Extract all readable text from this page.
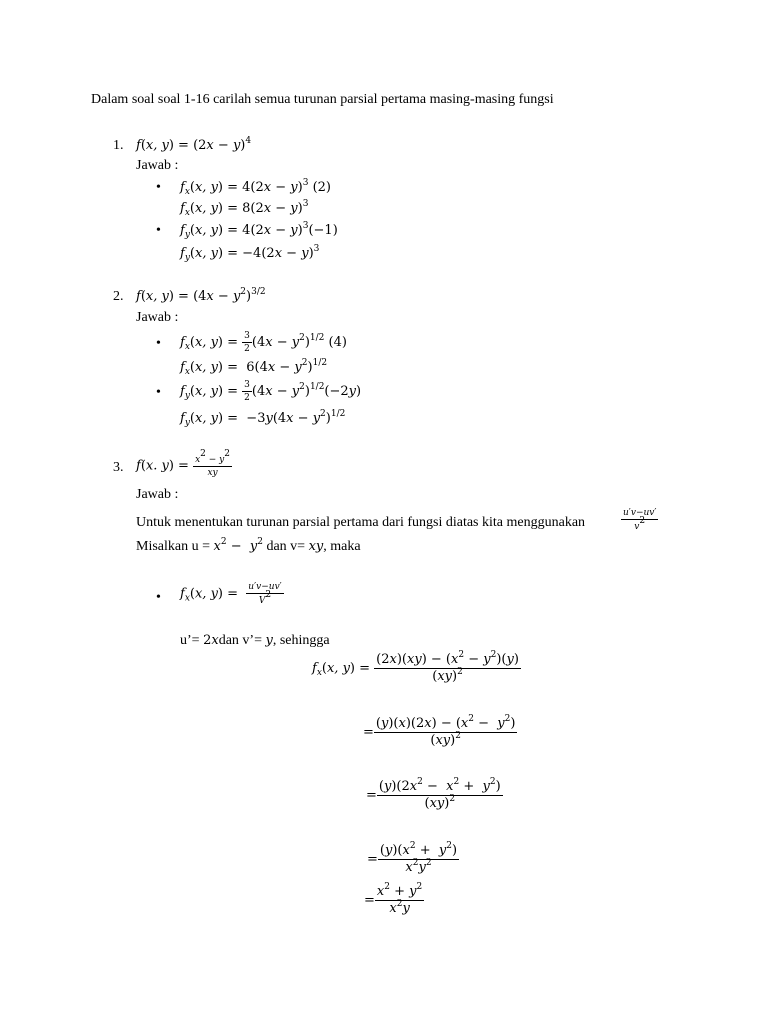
Dalam soal soal 1-16 carilah semua turunan parsial pertama masing-masing fungsi
1. f(x, $y) = (2x - y)^4$
Jawab :
• $f_x(x$, $y) = 4(2x - y)^3$ (2)
$f_x(x$, $y) = 8(2x - y)^3$
• $f_y(x$, $y) = 4(2x - y)^3(-1)$
$f_y(x$, $y) = -4(2x - y)^3$
2. f(x, $y) = (4x - y^2)^{3/2}$
Jawab :
• $f_x(x$, $y) = \frac{3}{2} (4x - y^2)^{1/2}$ (4)
$f_x(x$, $y) = 6(4x - y^2)^{1/2}$
• $f_y(x$, $y) = \frac{3}{2} (4x - y^2)^{1/2}(-2y)$
$f_y(x$, $y) = -3y(4x - y^2)^{1/2}$
3. f(x. $y) = \frac{x^2 - y^2}{xy}$
Jawab :
Untuk menentukan turunan parsial pertama dari fungsi diatas kita menggunakan	$\frac{u'v-uv'}{v^2}$
Misalkan $u = x^2 - y^2$ dan v= xy, maka
• $f_x(x$, $y) = \frac{u'v-uv'}{V^2}$
u’= 2xdan v’= y, sehingga
$f_x(x$, $y) = \frac{(2x)(xy) - (x^2 - y^2)(y)}{(xy)^2}$
= $\frac{(y)(x)(2x) - (x^2 - y^2)}{(xy)^2}$
= $\frac{(y)(2x^2 - x^2 + y^2)}{(xy)^2}$
= $\frac{(y)(x^2 + y^2)}{x^2y^2}$
= $\frac{x^2 + y^2}{x^2y}$
